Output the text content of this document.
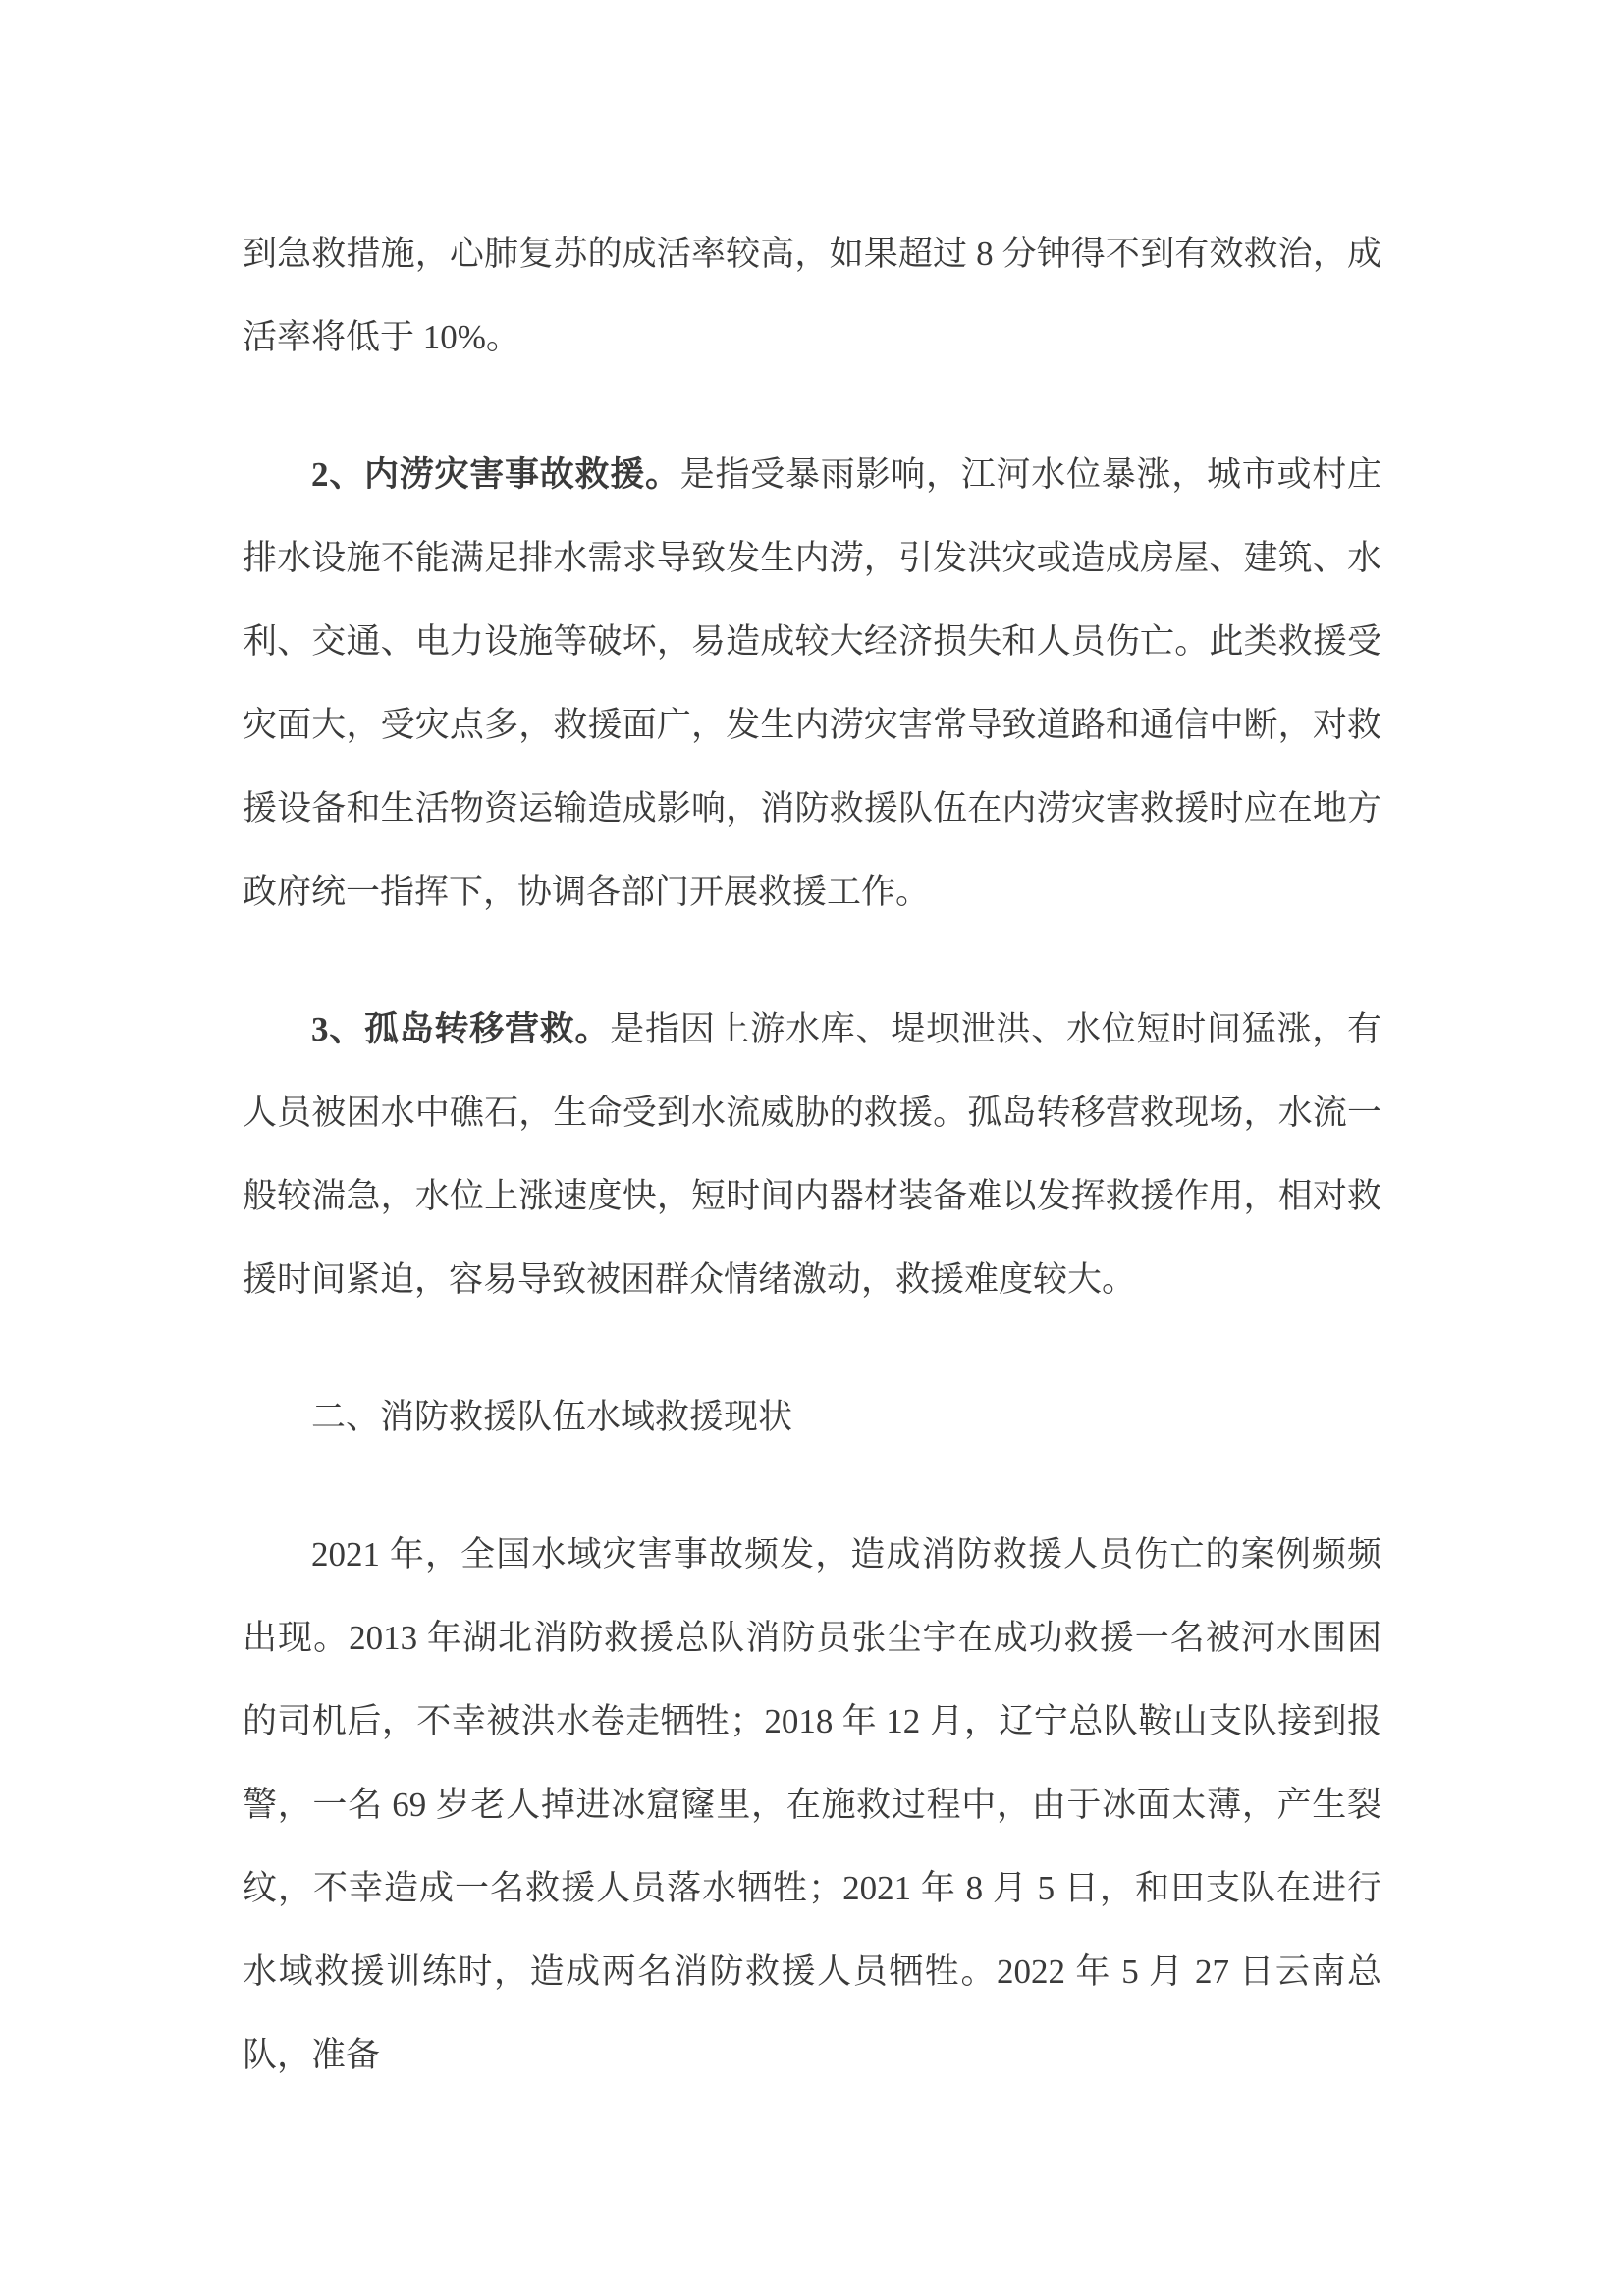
到急救措施，心肺复苏的成活率较高，如果超过 8 分钟得不到有效救治，成活率将低于 10%。

2、内涝灾害事故救援。是指受暴雨影响，江河水位暴涨，城市或村庄排水设施不能满足排水需求导致发生内涝，引发洪灾或造成房屋、建筑、水利、交通、电力设施等破坏，易造成较大经济损失和人员伤亡。此类救援受灾面大，受灾点多，救援面广，发生内涝灾害常导致道路和通信中断，对救援设备和生活物资运输造成影响，消防救援队伍在内涝灾害救援时应在地方政府统一指挥下，协调各部门开展救援工作。

3、孤岛转移营救。是指因上游水库、堤坝泄洪、水位短时间猛涨，有人员被困水中礁石，生命受到水流威胁的救援。孤岛转移营救现场，水流一般较湍急，水位上涨速度快，短时间内器材装备难以发挥救援作用，相对救援时间紧迫，容易导致被困群众情绪激动，救援难度较大。

二、消防救援队伍水域救援现状

2021 年，全国水域灾害事故频发，造成消防救援人员伤亡的案例频频出现。2013 年湖北消防救援总队消防员张尘宇在成功救援一名被河水围困的司机后，不幸被洪水卷走牺牲；2018 年 12 月，辽宁总队鞍山支队接到报警，一名 69 岁老人掉进冰窟窿里，在施救过程中，由于冰面太薄，产生裂纹，不幸造成一名救援人员落水牺牲；2021 年 8 月 5 日，和田支队在进行水域救援训练时，造成两名消防救援人员牺牲。2022 年 5 月 27 日云南总队，准备
